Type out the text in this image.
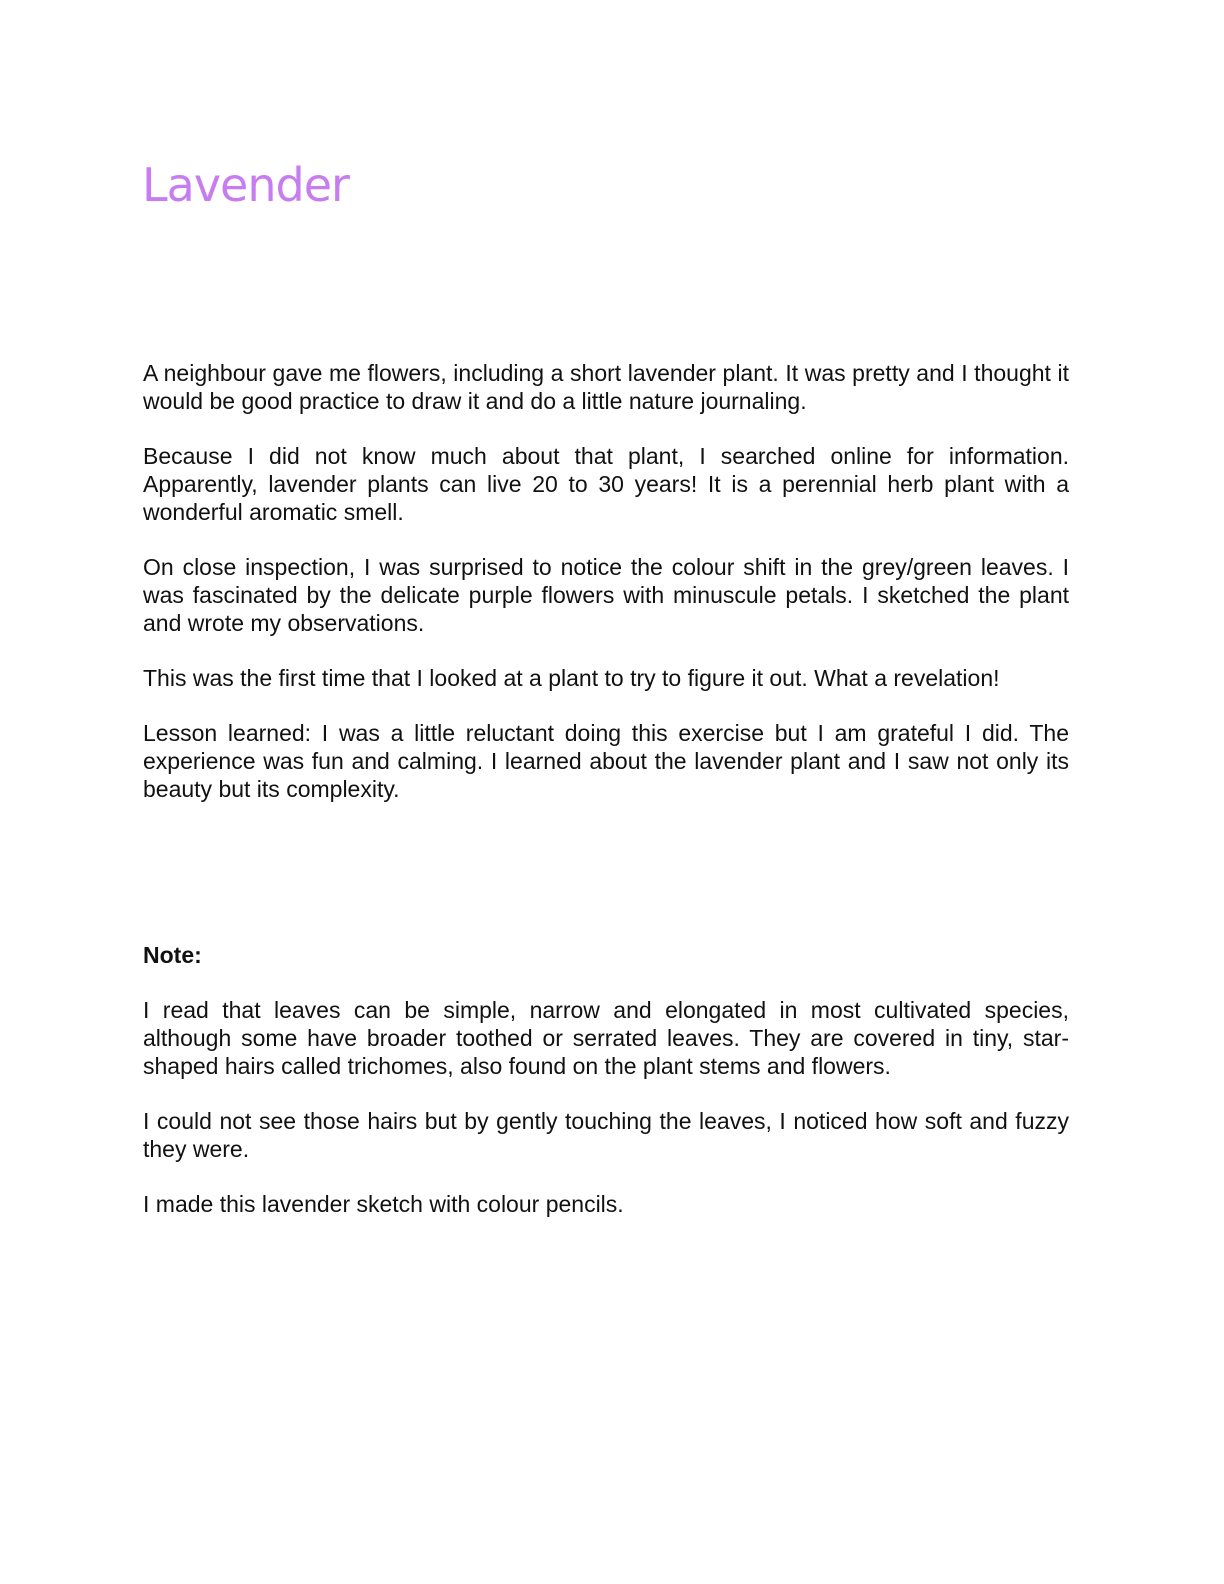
Lavender

A neighbour gave me flowers, including a short lavender plant. It was pretty and I thought it would be good practice to draw it and do a little nature journaling.

Because I did not know much about that plant, I searched online for information. Apparently, lavender plants can live 20 to 30 years! It is a perennial herb plant with a wonderful aromatic smell.

On close inspection, I was surprised to notice the colour shift in the grey/green leaves. I was fascinated by the delicate purple flowers with minuscule petals. I sketched the plant and wrote my observations.

This was the first time that I looked at a plant to try to figure it out. What a revelation!

Lesson learned: I was a little reluctant doing this exercise but I am grateful I did. The experience was fun and calming. I learned about the lavender plant and I saw not only its beauty but its complexity.

Note:

I read that leaves can be simple, narrow and elongated in most cultivated species, although some have broader toothed or serrated leaves. They are covered in tiny, star-shaped hairs called trichomes, also found on the plant stems and flowers.

I could not see those hairs but by gently touching the leaves, I noticed how soft and fuzzy they were.

I made this lavender sketch with colour pencils.
